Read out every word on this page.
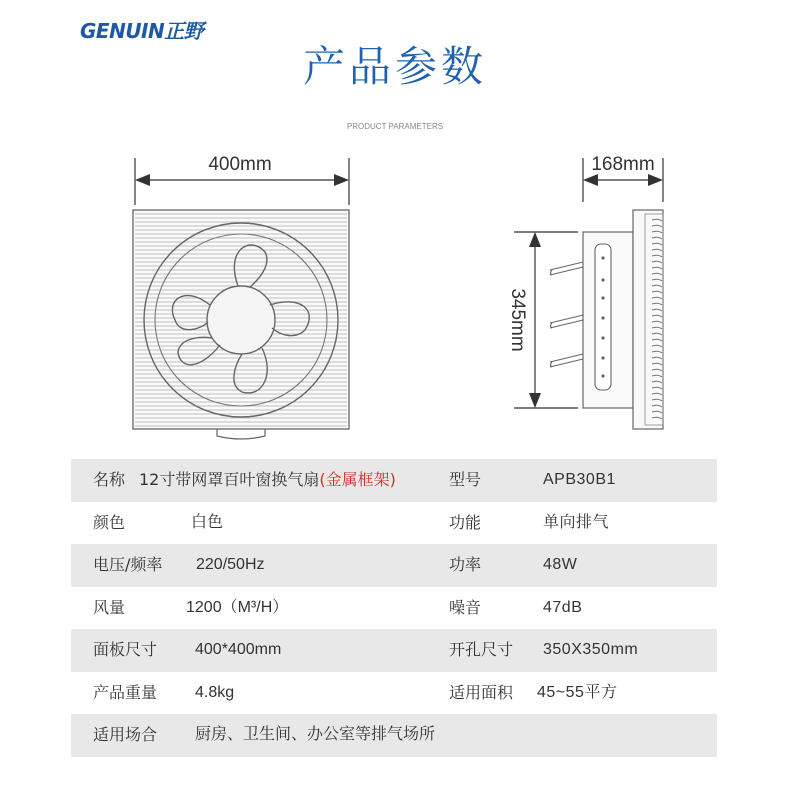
GENUIN正野
产品参数
PRODUCT PARAMETERS
400mm	168mm
345mm
名称 12寸带网罩百叶窗换气扇(金属框架)	型号	APB30B1
颜色	白色	功能	单向排气
电压/频率 220/50Hz	功率	48W
风量	1200（M³/H）	噪音	47dB
面板尺寸 400*400mm	开孔尺寸 350X350mm
产品重量 4.8kg	适用面积 45~55平方
适用场合 厨房、卫生间、办公室等排气场所
